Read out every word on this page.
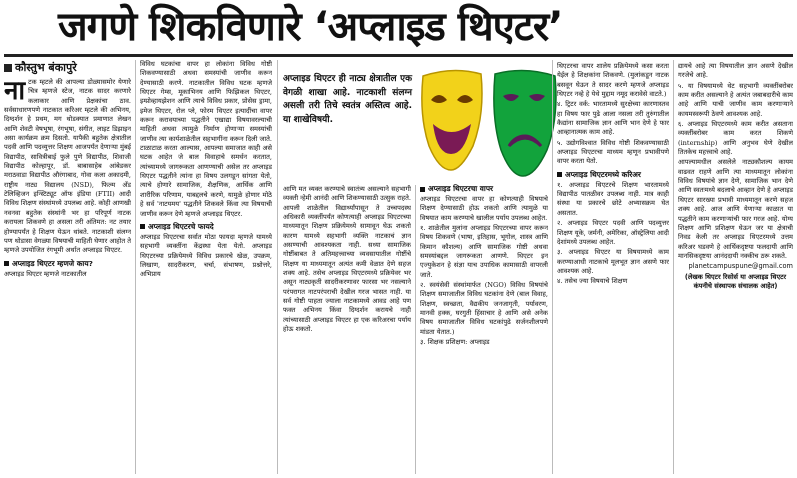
जगणे शिकविणारे ‘अप्लाइड थिएटर’
कौस्तुभ बंकापुरे

नाटक म्हटले की आपल्या डोळ्यासमोर येणारे चित्र म्हणजे स्टेज, नाटक सादर करणारे कलाकार आणि प्रेक्षकांचा ठाव. सर्वसाधारणपणे नाटकात करिअर म्हटले की अभिनय, दिग्दर्शन हे प्रथम, मग थोडक्यात प्रमाणात लेखन आणि शेवटी वेषभूषा, रंगभूषा, संगीत, लाइट डिझाइन असा कार्यक्रम क्रम दिसतो. यापैकी बहुतेक क्षेत्रातील पदवी आणि पदव्युत्तर शिक्षण आजपर्यंत देणाऱ्या मुंबई विद्यापीठ, सावित्रीबाई फुले पुणे विद्यापीठ, शिवाजी विद्यापीठ कोल्हापूर, डॉ. बाबासाहेब आंबेडकर मराठवाडा विद्यापीठ औरंगाबाद, गोवा कला अकादमी, राष्ट्रीय नाट्य विद्यालय (NSD), फिल्म अँड टेलिव्हिजन इन्स्टिट्यूट ऑफ इंडिया (FTII) आदी विविध शिक्षण संस्थांमध्ये उपलब्ध आहे. कोही आणखी नवनवा बहुतेक संस्थांनी भर हा परिपूर्ण नाटक करायला शिकवणे हा असला तरी अंतिमत: नट तयार होण्यापर्यंत हे शिक्षण येऊन थांबते. नाटकाशी संलग्न पण थोडासा वेगळ्या विषयाची माहिती घेणार आहोत ते म्हणजे उपयोजित रंगभूमी अर्थात अप्लाइड थिएटर.

अप्लाइड थिएटर म्हणजे काय?

अप्लाइड थिएटर म्हणजे नाटकातील

विविध घटकांचा वापर हा लोकांना विविध गोष्टी शिकवण्यासाठी अथवा समस्यांची जाणीव करून देण्यासाठी करणे. नाटकातील विविध घटक म्हणजे थिएटर गेम्स, मूकाभिनय आणि फिझिकल थिएटर, इम्प्रोव्हायझेशन आणि त्याचे विविध प्रकार, प्रोसेस ड्रामा, इमेज थिएटर, रोल प्ले, फोरम थिएटर इत्यादींचा वापर करून करावयाच्या पद्धतीने एखाद्या विषयावरल्याची माहिती अथवा त्यामुळे निर्माण होणाऱ्या समस्यांची जाणीव त्या कार्यशाळेतील सहभागींना करून दिली जाते. टाळाटाळ करता आल्यास, आपल्या समाजात काही असे घटक आहेत जे बाल विवाहाचे समर्थन करतात, त्यांच्यामध्ये जागरूकता आणण्याची असेल तर अप्लाइड थिएटर पद्धतीने त्यांना हा विषय उलगडून सांगता येतो, त्याचे होणारे सामाजिक, शैक्षणिक, आर्थिक आणि शारीरिक परिणाम, याबद्दलचे करणे, यामुळे होणार मोठे हे सर्व 'नाटयमय' पद्धतीने शिकवले किंवा त्या विषयाची जाणीव करून देणे म्हणजे अप्लाइड थिएटर.

अप्लाइड थिएटरचे फायदे

अप्लाइड थिएटरचा सर्वात मोठा फायदा म्हणजे यामध्ये सहभागी व्यक्तींना केंद्रस्था येता येतो. अप्लाइड थिएटरच्या प्रक्रियेमध्ये विविध प्रकारचे खेळ, उपक्रम, लिखाण, सादरीकरण, चर्चा, संभाषण, प्रश्नोत्तरे, अभिप्राय

अप्लाइड थिएटर ही नाट्य क्षेत्रातील एक वेगळी शाखा आहे. नाटकाशी संलग्न असली तरी तिचे स्वतंत्र अस्तित्व आहे. या शाखेविषयी.

आणि मत व्यक्त करण्याचे स्वातंत्र्य असल्याने सहभागी व्यक्ती न्हेमी आनंदी आणि शिकण्यासाठी उत्सुक राहते. आपली शाळेतील विद्यार्थ्यांपासून ते उच्चपदस्थ अधिकारी व्यक्तींपर्यंत कोणत्याही अप्लाइड थिएटरच्या माध्यमातून शिक्षण प्रक्रियेमध्ये सामावून घेऊ शकतो कारण यामध्ये सहभागी व्यक्ति नाटकाचं ज्ञान असण्याची आवश्यकता नाही. सध्या सामाजिक गोष्टींबाबत ते अतिमहत्त्वाच्या व्यवसायातील गोष्टींचे शिक्षण या माध्यमातून अत्यंत कमी वेळात देणे सहज शक्य आहे. तसेच अप्लाइड थिएटरमध्ये प्रक्रियेवर भर असून नाट्यकृती सादरीकरणावर फारसा भर नसल्याने परंपरागत नाटपरंपराची देखील गरज भासत नाही. या सर्व गोष्टी पाहता ज्याला नाटकामध्ये आवड आहे पण फक्त अभिनय किंवा दिग्दर्शन करायचे नाही त्यांच्यासाठी अप्लाइड थिएटर हा एक करिअरचा पर्याय होऊ शकतो.

अप्लाइड थिएटरचा वापर

अप्लाइड थिएटरचा वापर हा कोणत्याही विषयाचे शिक्षण देण्यासाठी होऊ शकतो आणि त्यामुळे या विषयात काम करण्याचे खालील पर्याय उपलब्ध आहेत.

१. शाळेतील मुलांना अप्लाइड थिएटरच्या वापर करून विषय शिकवणे (भाषा, इतिहास, भूगोल, शास्त्र आणि किमान कौशल्य) आणि सामाजिक गोष्टी अथवा समस्यांबद्दल जागरूकता आणणे. थिएटर इन एज्युकेशन हे संज्ञा याच उपाधिक कामासाठी वापरली जाते.

२. स्वयंसेवी संस्थांमार्फत (NGO) विविध विषयांचे शिक्षण समाजातील विविध घटकांना देणे (बाल विवाह, शिक्षण, स्वच्छता, वैद्यकीय जनजागृती, पर्यावरण, मानवी हक्क, घरगुती हिंसाचार हे आणि असे अनेक विषय समाजातील विविध घटकांपुढे सर्जनशीलपणे मांडता येतात.)

३. शिक्षक प्रशिक्षण: अप्लाइड

थिएटरचा वापर शालेय प्रक्रियेमध्ये कसा करता येईल हे शिक्षकांना शिकवणे. (मुलांकडून नाटक बसवून घेऊन ते सादर करणे म्हणजे अप्लाइड थिएटर नव्हे हे येथे मुद्दाम नमूद करावेसे वाटते.)

४. ट्रिटर वर्क: भारतामध्ये सुरक्षेच्या कारणास्तव हा विषय फार पुढे आला नसला तरी तुरुंगातील कैद्यांना सामाजिक ज्ञान आणि भान देणे हे फार आव्हानात्मक काम आहे.

५. उद्योगविश्वात विविध गोष्टी शिकवण्यासाठी अप्लाइड थिएटरचा माध्यम म्हणून प्रभावीपणे वापर करता येतो.

अप्लाइड थिएटरमध्ये करिअर

१. अप्लाइड थिएटरचे शिक्षण भारतामध्ये विद्यापीठ पातळीवर उपलब्ध नाही. मात्र काही संस्था या प्रकारचे छोटे अभ्यासक्रम घेत असतात.

२. अप्लाइड थिएटर पदवी आणि पदव्युत्तर शिक्षण यूके, जर्मनी, अमेरिका, ऑस्ट्रेलिया आदी देशांमध्ये उपलब्ध आहेत.

३. अप्लाइड थिएटर या विषयामध्ये काम करण्याआधी नाटकाचे मूलभूत ज्ञान असणे फार आवश्यक आहे.

४. तसेच ज्या विषयाचे शिक्षण

द्यायचे आहे त्या विषयातील ज्ञान असणे देखील गरजेचे आहे.

५. या विषयामध्ये थेट सहभागी व्यक्तींबरोबर काम करीत असल्याने हे अत्यंत जबाबदारीचे काम आहे आणि याची जाणीव काम करणाऱ्याने कायमस्वरूपी ठेवणे आवश्यक आहे.

६. अप्लाइड थिएटरमध्ये काम करीत असताना व्यक्तींबरोबर काम करत शिकणे (internship) आणि अनुभव घेणे देखील तितकेच महत्त्वाचे आहे.

आपल्यामधील असलेले नाट्यकौशल्य कायम वाढवत राहणे आणि त्या माध्यमातून लोकांना विविध विषयांचे ज्ञान देणे, सामाजिक भान देणे आणि स्वतःमध्ये बदलाचे आव्हान देणे हे अप्लाइड थिएटर सारख्या प्रभावी माध्यमातून करणे सहज शक्य आहे. आज आणि येणाऱ्या काळात या पद्धतीने काम करणाऱ्यांची फार गरज आहे. योग्य शिक्षण आणि प्रशिक्षण घेऊन जर या क्षेत्राची निवड केली तर अप्लाइड थिएटरमध्ये उत्तम करिअर घडवणे हे आर्थिकदृष्टया फलदायी आणि मानसिकदृष्टया आनंददायी नक्कीच ठरू शकते.

planetcampuspune@gmail.com

(लेखक थिएटर रिसोर्स या अप्लाइड थिएटर कंपनीचे संस्थापक संचालक आहेत)
